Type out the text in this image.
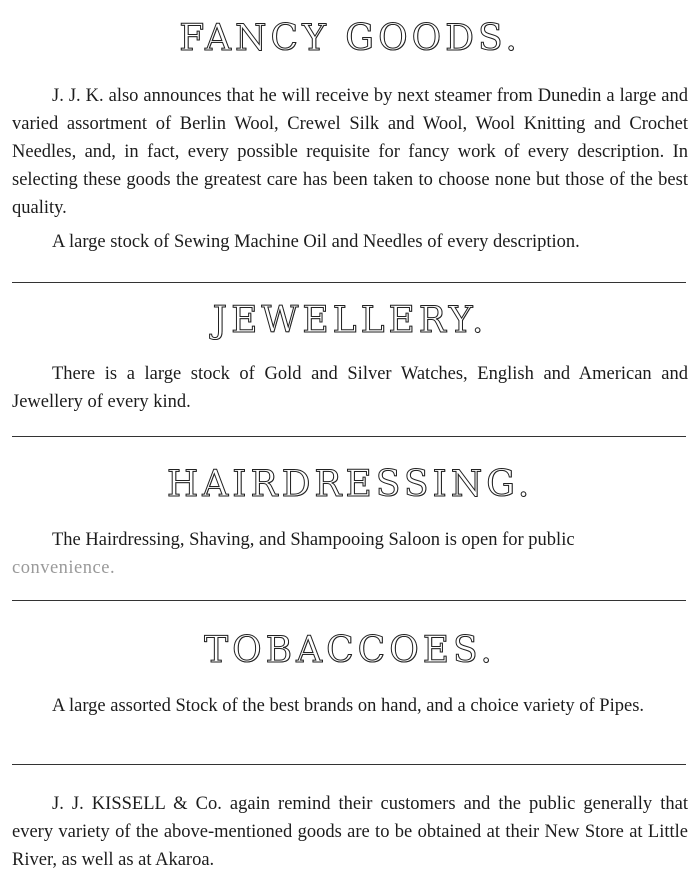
FANCY GOODS.

J. J. K. also announces that he will receive by next steamer from Dunedin a large and varied assortment of Berlin Wool, Crewel Silk and Wool, Wool Knitting and Crochet Needles, and, in fact, every possible requisite for fancy work of every description. In selecting these goods the greatest care has been taken to choose none but those of the best quality.

A large stock of Sewing Machine Oil and Needles of every description.

JEWELLERY.

There is a large stock of Gold and Silver Watches, English and American and Jewellery of every kind.

HAIRDRESSING.

The Hairdressing, Shaving, and Shampooing Saloon is open for public
convenience.

TOBACCOES.

A large assorted Stock of the best brands on hand, and a choice variety of Pipes.

J. J. KISSELL & Co. again remind their customers and the public generally that every variety of the above-mentioned goods are to be obtained at their New Store at Little River, as well as at Akaroa.
